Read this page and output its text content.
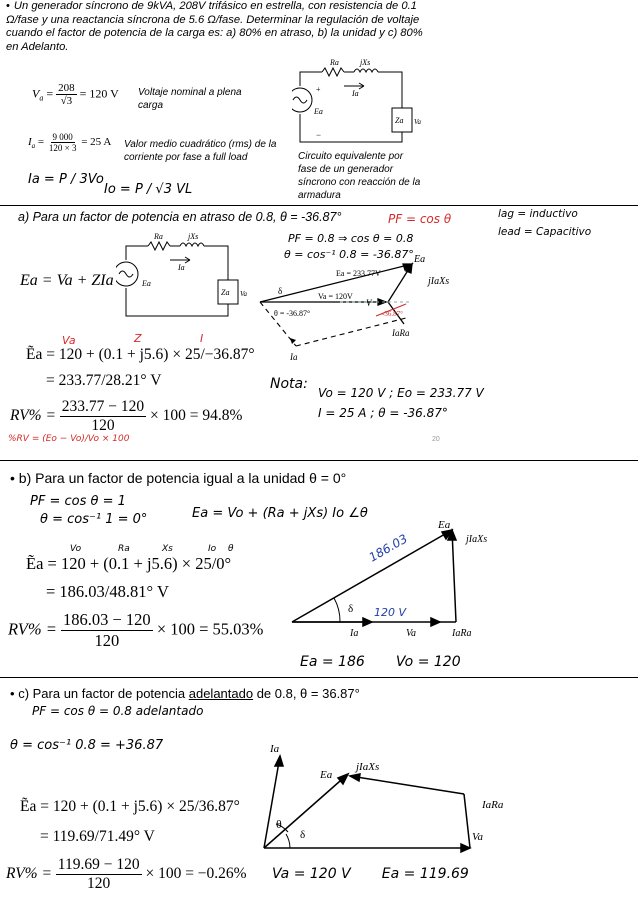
• Un generador síncrono de 9kVA, 208V trifásico en estrella, con resistencia de 0.1 Ω/fase y una reactancia síncrona de 5.6 Ω/fase. Determinar la regulación de voltaje cuando el factor de potencia de la carga es: a) 80% en atraso, b) la unidad y c) 80% en Adelanto.
$V_a = \frac{208}{√3} = 120$ V Voltaje nominal a plena carga
$I_a = \frac{9 000}{120 \times 3} = 25$ A Valor medio cuadrático (rms) de la corriente por fase a full load
Ia = P / 3Vo
Io = P / √3 VL
Ra	jXs
Ia
Ea
Za Va
+
−
Circuito equivalente por fase de un generador síncrono con reacción de la armadura
a) Para un factor de potencia en atraso de 0.8, θ = -36.87°	PF = cos θ	lag = inductivo
lead = Capacitivo
PF = 0.8 ⇒ cos θ = 0.8
θ = cos⁻¹ 0.8 = -36.87°
Ea = Va + ZIa
Ra	jXs
Ia
Ea
Za Va
Va	Z	I
Ẽa = 120 + (0.1 + j5.6) × 25/−36.87°
= 233.77/28.21° V
$RV\% = \frac{233.77 - 120}{120} \times 100 = 94.8\%$
%RV = (Eo − Vo)/Vo × 100
Ea = 233.77V
Va = 120V
δ
θ = -36.87°	-36.87°
Ea
jIaXs
IaRa
Ia
V
Nota:
Vo = 120 V ; Eo = 233.77 V
I = 25 A ; θ = -36.87°
20
• b) Para un factor de potencia igual a la unidad θ = 0°
PF = cos θ = 1
θ = cos⁻¹ 1 = 0°	Ea = Vo + (Ra + jXs) Io ∠θ
Vo	Ra	Xs	Io θ
Ẽa = 120 + (0.1 + j5.6) × 25/0°
= 186.03/48.81° V
$RV\% = \frac{186.03 - 120}{120} \times 100 = 55.03\%$
δ
Ea
jIaXs
Ia	Va	IaRa
186.03
120 V
Ea = 186       Vo = 120
• c) Para un factor de potencia adelantado de 0.8, θ = 36.87°
PF = cos θ = 0.8 adelantado
θ = cos⁻¹ 0.8 = +36.87
Ẽa = 120 + (0.1 + j5.6) × 25/36.87°
= 119.69/71.49° V
$RV\% = \frac{119.69 - 120}{120} \times 100 = -0.26\%$
Ia
Ea
jIaXs
IaRa
Va
θ
δ
Va = 120 V       Ea = 119.69
